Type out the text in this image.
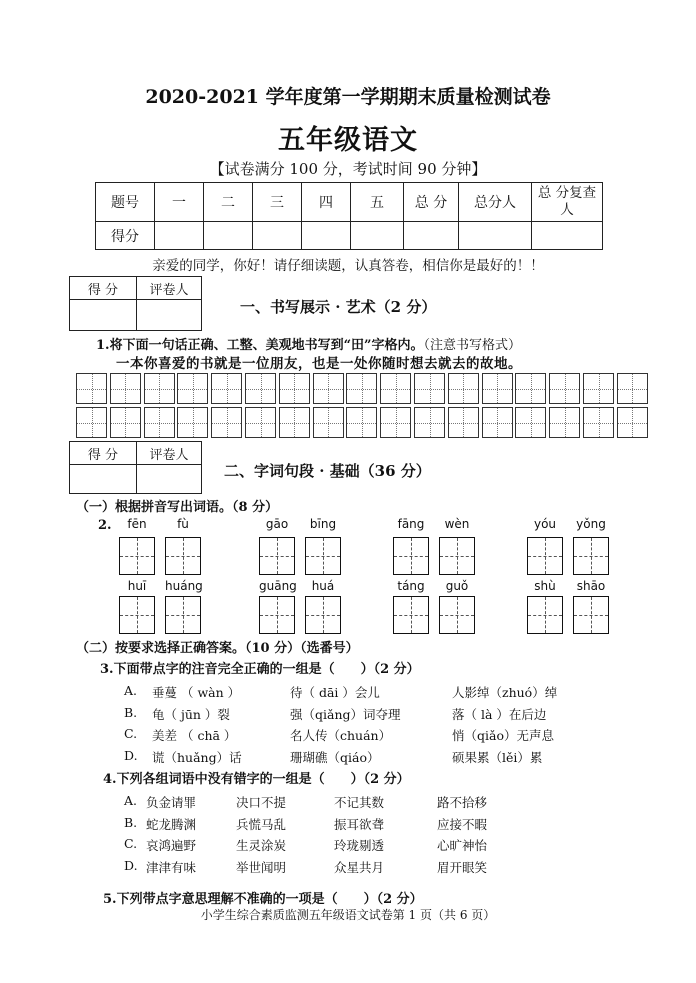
2020-2021 学年度第一学期期末质量检测试卷
五年级语文
【试卷满分 100 分，考试时间 90 分钟】
题号	一	二	三	四	五	总 分	总分人	总 分复查人
得分								
亲爱的同学，你好！请仔细读题，认真答卷，相信你是最好的！！
得 分	评卷人

一、书写展示 · 艺术（2 分）
1.将下面一句话正确、工整、美观地书写到“田”字格内。（注意书写格式）
一本你喜爱的书就是一位朋友，也是一处你随时想去就去的故地。
得 分	评卷人

二、字词句段 · 基础（36 分）
（一）根据拼音写出词语。（8 分）
2.	fēn	fù	gāo	bīng	fāng	wèn	yóu	yǒng
huī	huáng	guāng	huá	táng	guǒ	shù	shāo
（二）按要求选择正确答案。（10 分）（选番号）
3.下面带点字的注音完全正确的一组是（　　）（2 分）
A. 垂蔓 （ wàn ）	待（ dāi ）会儿	人影绰（zhuó）绰
B. 龟（ jūn ）裂	强（qiǎng）词夺理	落（ là ）在后边
C. 美差 （ chā ）	名人传（chuán）	悄（qiǎo）无声息
D. 谎（huǎng）话	珊瑚礁（qiáo）	硕果累（lěi）累
4.下列各组词语中没有错字的一组是（　　）（2 分）
A. 负金请罪	决口不提	不记其数	路不拾移
B. 蛇龙腾渊	兵慌马乱	振耳欲聋	应接不暇
C. 哀鸿遍野	生灵涂炭	玲珑剔透	心旷神怡
D. 津津有味	举世闻明	众星共月	眉开眼笑
5.下列带点字意思理解不准确的一项是（　　）（2 分）
小学生综合素质监测五年级语文试卷第 1 页（共 6 页）
